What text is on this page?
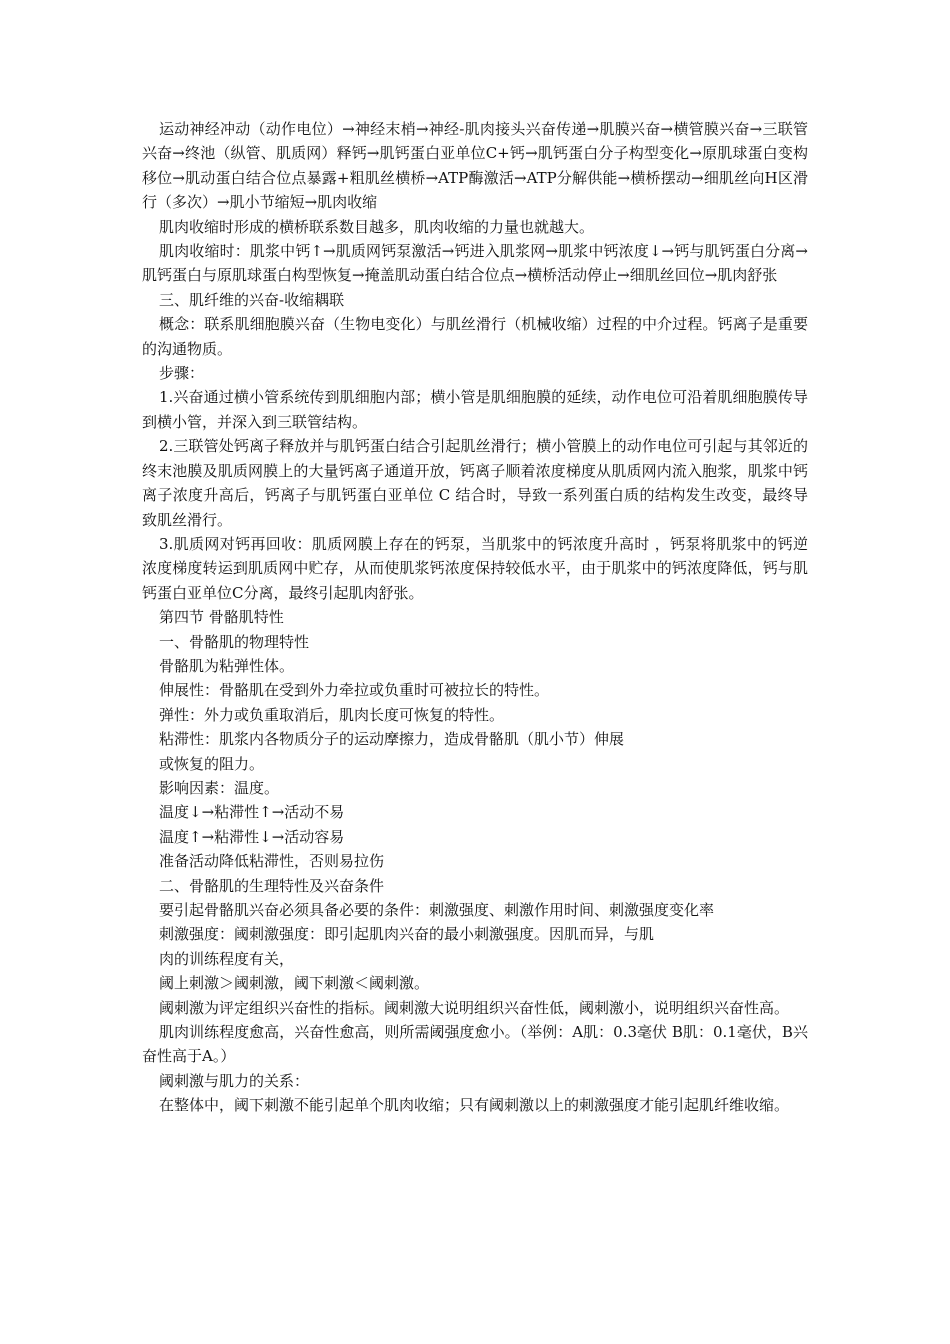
运动神经冲动（动作电位）→神经末梢→神经-肌肉接头兴奋传递→肌膜兴奋→横管膜兴奋→三联管兴奋→终池（纵管、肌质网）释钙→肌钙蛋白亚单位C+钙→肌钙蛋白分子构型变化→原肌球蛋白变构移位→肌动蛋白结合位点暴露+粗肌丝横桥→ATP酶激活→ATP分解供能→横桥摆动→细肌丝向H区滑行（多次）→肌小节缩短→肌肉收缩

肌肉收缩时形成的横桥联系数目越多，肌肉收缩的力量也就越大。

肌肉收缩时：肌浆中钙↑→肌质网钙泵激活→钙进入肌浆网→肌浆中钙浓度↓→钙与肌钙蛋白分离→肌钙蛋白与原肌球蛋白构型恢复→掩盖肌动蛋白结合位点→横桥活动停止→细肌丝回位→肌肉舒张

三、肌纤维的兴奋-收缩耦联

概念：联系肌细胞膜兴奋（生物电变化）与肌丝滑行（机械收缩）过程的中介过程。钙离子是重要的沟通物质。

步骤：

1.兴奋通过横小管系统传到肌细胞内部；横小管是肌细胞膜的延续，动作电位可沿着肌细胞膜传导到横小管，并深入到三联管结构。

2.三联管处钙离子释放并与肌钙蛋白结合引起肌丝滑行；横小管膜上的动作电位可引起与其邻近的终末池膜及肌质网膜上的大量钙离子通道开放，钙离子顺着浓度梯度从肌质网内流入胞浆，肌浆中钙离子浓度升高后，钙离子与肌钙蛋白亚单位 C 结合时，导致一系列蛋白质的结构发生改变，最终导致肌丝滑行。

3.肌质网对钙再回收：肌质网膜上存在的钙泵，当肌浆中的钙浓度升高时 ，钙泵将肌浆中的钙逆浓度梯度转运到肌质网中贮存，从而使肌浆钙浓度保持较低水平，由于肌浆中的钙浓度降低，钙与肌钙蛋白亚单位C分离，最终引起肌肉舒张。

第四节 骨骼肌特性

一、骨骼肌的物理特性

骨骼肌为粘弹性体。

伸展性：骨骼肌在受到外力牵拉或负重时可被拉长的特性。

弹性：外力或负重取消后，肌肉长度可恢复的特性。

粘滞性：肌浆内各物质分子的运动摩擦力，造成骨骼肌（肌小节）伸展

或恢复的阻力。

影响因素：温度。

温度↓→粘滞性↑→活动不易

温度↑→粘滞性↓→活动容易

准备活动降低粘滞性，否则易拉伤

二、骨骼肌的生理特性及兴奋条件

要引起骨骼肌兴奋必须具备必要的条件：刺激强度、刺激作用时间、刺激强度变化率

刺激强度：阈刺激强度：即引起肌肉兴奋的最小刺激强度。因肌而异，与肌

肉的训练程度有关，

阈上刺激＞阈刺激，阈下刺激＜阈刺激。

阈刺激为评定组织兴奋性的指标。阈刺激大说明组织兴奋性低，阈刺激小，说明组织兴奋性高。

肌肉训练程度愈高，兴奋性愈高，则所需阈强度愈小。（举例：A肌：0.3毫伏 B肌：0.1毫伏，B兴奋性高于A。）

阈刺激与肌力的关系：

在整体中，阈下刺激不能引起单个肌肉收缩；只有阈刺激以上的刺激强度才能引起肌纤维收缩。
